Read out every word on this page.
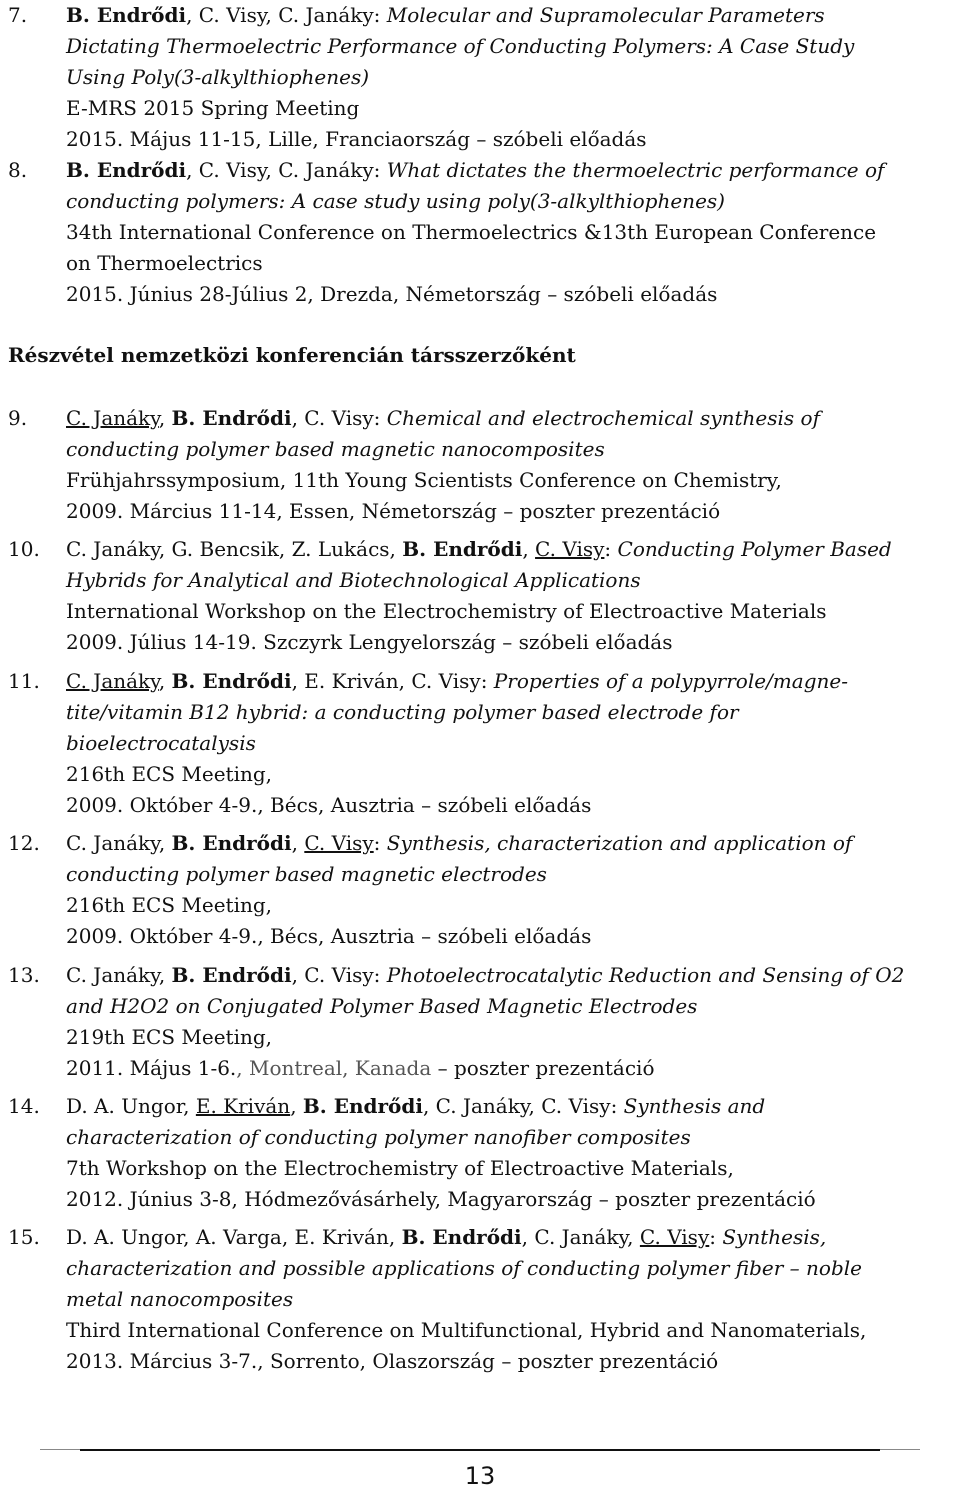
7. B. Endrődi, C. Visy, C. Janáky: Molecular and Supramolecular Parameters
Dictating Thermoelectric Performance of Conducting Polymers: A Case Study
Using Poly(3-alkylthiophenes)
E-MRS 2015 Spring Meeting
2015. Május 11-15, Lille, Franciaország – szóbeli előadás
8. B. Endrődi, C. Visy, C. Janáky: What dictates the thermoelectric performance of
conducting polymers: A case study using poly(3-alkylthiophenes)
34th International Conference on Thermoelectrics &13th European Conference
on Thermoelectrics
2015. Június 28-Július 2, Drezda, Németország – szóbeli előadás
Részvétel nemzetközi konferencián társszerzőként
9. C. Janáky, B. Endrődi, C. Visy: Chemical and electrochemical synthesis of
conducting polymer based magnetic nanocomposites
Frühjahrssymposium, 11th Young Scientists Conference on Chemistry,
2009. Március 11-14, Essen, Németország – poszter prezentáció
10. C. Janáky, G. Bencsik, Z. Lukács, B. Endrődi, C. Visy: Conducting Polymer Based
Hybrids for Analytical and Biotechnological Applications
International Workshop on the Electrochemistry of Electroactive Materials
2009. Július 14-19. Szczyrk Lengyelország – szóbeli előadás
11. C. Janáky, B. Endrődi, E. Kriván, C. Visy: Properties of a polypyrrole/magne-
tite/vitamin B12 hybrid: a conducting polymer based electrode for
bioelectrocatalysis
216th ECS Meeting,
2009. Október 4-9., Bécs, Ausztria – szóbeli előadás
12. C. Janáky, B. Endrődi, C. Visy: Synthesis, characterization and application of
conducting polymer based magnetic electrodes
216th ECS Meeting,
2009. Október 4-9., Bécs, Ausztria – szóbeli előadás
13. C. Janáky, B. Endrődi, C. Visy: Photoelectrocatalytic Reduction and Sensing of O2
and H2O2 on Conjugated Polymer Based Magnetic Electrodes
219th ECS Meeting,
2011. Május 1-6., Montreal, Kanada – poszter prezentáció
14. D. A. Ungor, E. Kriván, B. Endrődi, C. Janáky, C. Visy: Synthesis and
characterization of conducting polymer nanofiber composites
7th Workshop on the Electrochemistry of Electroactive Materials,
2012. Június 3-8, Hódmezővásárhely, Magyarország – poszter prezentáció
15. D. A. Ungor, A. Varga, E. Kriván, B. Endrődi, C. Janáky, C. Visy: Synthesis,
characterization and possible applications of conducting polymer fiber – noble
metal nanocomposites
Third International Conference on Multifunctional, Hybrid and Nanomaterials,
2013. Március 3-7., Sorrento, Olaszország – poszter prezentáció
13
